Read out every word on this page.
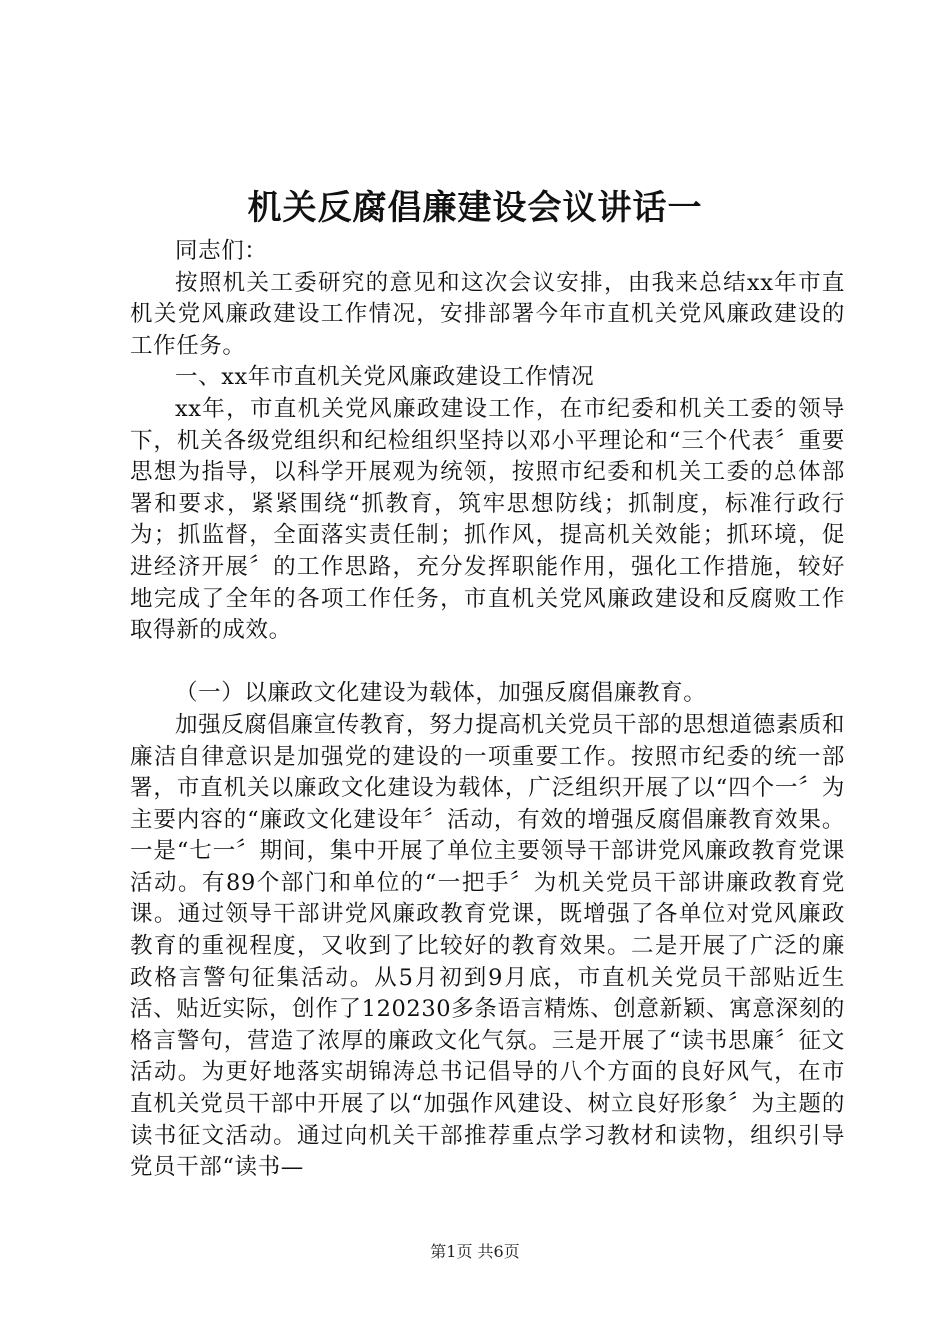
机关反腐倡廉建设会议讲话一

同志们：

按照机关工委研究的意见和这次会议安排，由我来总结xx年市直机关党风廉政建设工作情况，安排部署今年市直机关党风廉政建设的工作任务。

一、xx年市直机关党风廉政建设工作情况

xx年，市直机关党风廉政建设工作，在市纪委和机关工委的领导下，机关各级党组织和纪检组织坚持以邓小平理论和“三个代表〞重要思想为指导，以科学开展观为统领，按照市纪委和机关工委的总体部署和要求，紧紧围绕“抓教育，筑牢思想防线；抓制度，标准行政行为；抓监督，全面落实责任制；抓作风，提高机关效能；抓环境，促进经济开展〞的工作思路，充分发挥职能作用，强化工作措施，较好地完成了全年的各项工作任务，市直机关党风廉政建设和反腐败工作取得新的成效。

（一）以廉政文化建设为载体，加强反腐倡廉教育。

加强反腐倡廉宣传教育，努力提高机关党员干部的思想道德素质和廉洁自律意识是加强党的建设的一项重要工作。按照市纪委的统一部署，市直机关以廉政文化建设为载体，广泛组织开展了以“四个一〞为主要内容的“廉政文化建设年〞活动，有效的增强反腐倡廉教育效果。一是“七一〞期间，集中开展了单位主要领导干部讲党风廉政教育党课活动。有89个部门和单位的“一把手〞为机关党员干部讲廉政教育党课。通过领导干部讲党风廉政教育党课，既增强了各单位对党风廉政教育的重视程度，又收到了比较好的教育效果。二是开展了广泛的廉政格言警句征集活动。从5月初到9月底，市直机关党员干部贴近生活、贴近实际，创作了120230多条语言精炼、创意新颖、寓意深刻的格言警句，营造了浓厚的廉政文化气氛。三是开展了“读书思廉〞征文活动。为更好地落实胡锦涛总书记倡导的八个方面的良好风气，在市直机关党员干部中开展了以“加强作风建设、树立良好形象〞为主题的读书征文活动。通过向机关干部推荐重点学习教材和读物，组织引导党员干部“读书—

第1页 共6页
